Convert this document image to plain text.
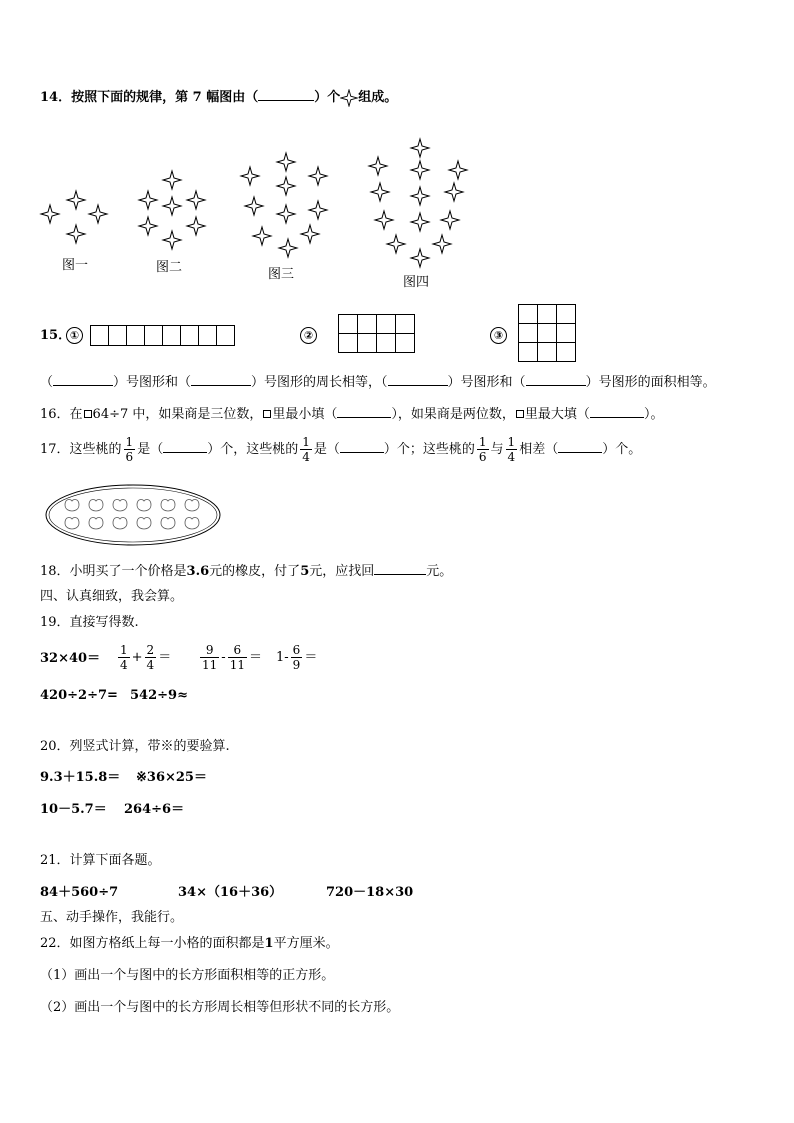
14．按照下面的规律，第 7 幅图由（	）个 组成。
图一	图二	图三
图四
15．
①
								②

				③

（	）号图形和（	）号图形的周长相等，（	）号图形和（	）号图形的面积相等。
16．在 64÷7 中，如果商是三位数， 里最小填（	），如果商是两位数， 里最大填（	）。
17．这些桃的 $\frac{1}{6}$ 是（	）个，这些桃的 $\frac{1}{4}$ 是（	）个；这些桃的 $\frac{1}{6}$ 与 $\frac{1}{4}$ 相差（	）个。
18．小明买了一个价格是3.6元的橡皮，付了5元，应找回	元。
四、认真细致，我会算。
19．直接写得数.
$32\times 40= \frac{1}{4} + \frac{2}{4} = \frac{9}{11} - \frac{6}{11} = 1- \frac{6}{9}$ ＝
420÷2÷7= 542÷9≈
20．列竖式计算，带※的要验算.
9.3＋15.8＝ ※36×25＝
10－5.7＝ 264÷6＝
21．计算下面各题。
84＋560÷7	34×（16＋36）	720－18×30
五、动手操作，我能行。
22．如图方格纸上每一小格的面积都是1平方厘米。
（1）画出一个与图中的长方形面积相等的正方形。
（2）画出一个与图中的长方形周长相等但形状不同的长方形。
